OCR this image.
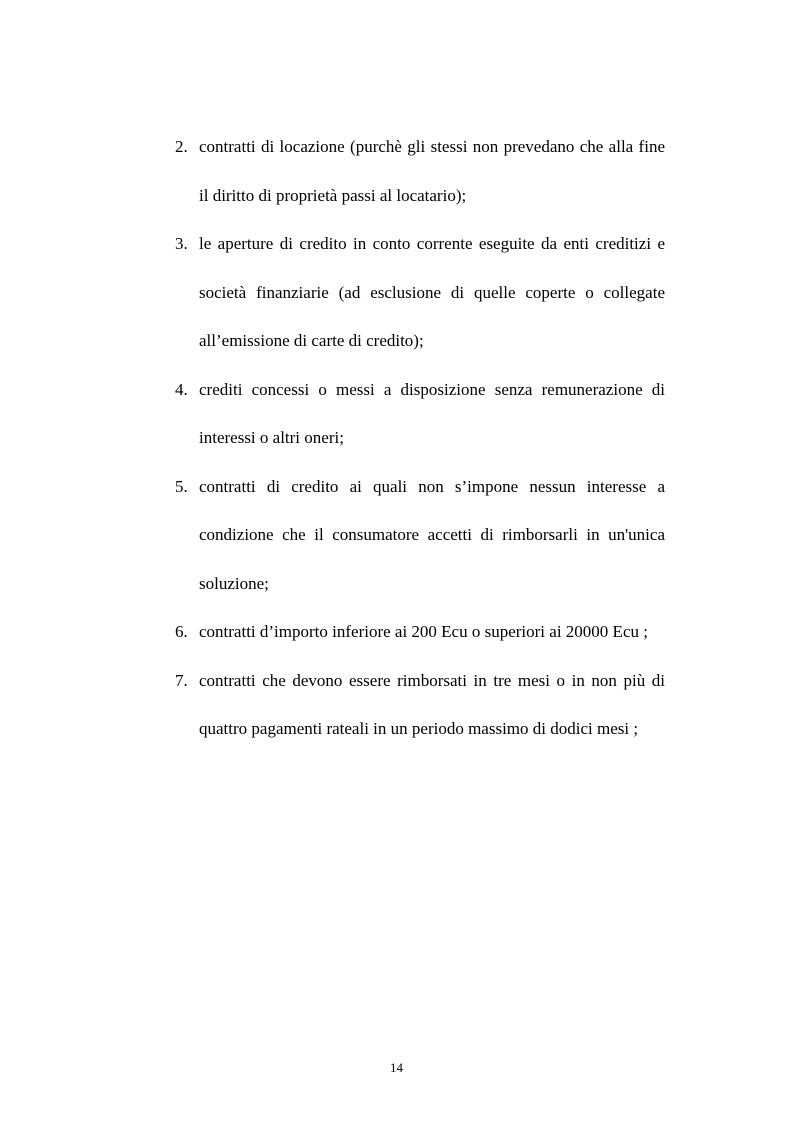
2. contratti di locazione (purchè gli stessi non prevedano che alla fine il diritto di proprietà passi al locatario);
3. le aperture di credito in conto corrente eseguite da enti creditizi e società finanziarie (ad esclusione di quelle coperte o collegate all’emissione di carte di credito);
4. crediti concessi o messi a disposizione senza remunerazione di interessi o altri oneri;
5. contratti di credito ai quali non s’impone nessun interesse a condizione che il consumatore accetti di rimborsarli in un'unica soluzione;
6. contratti d’importo inferiore ai 200 Ecu o superiori ai 20000 Ecu ;
7. contratti che devono essere rimborsati in tre mesi o in non più di quattro pagamenti rateali in un periodo massimo di dodici mesi ;
14
